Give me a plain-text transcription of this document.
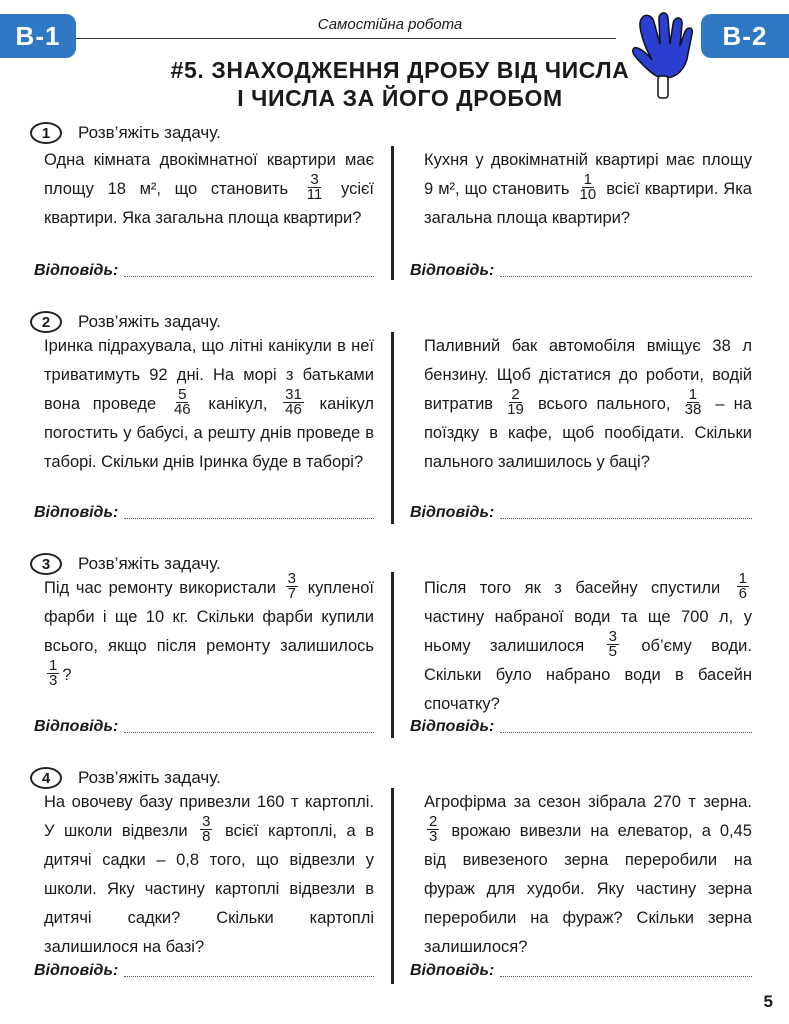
В-1	В-2
Самостійна робота
#5. ЗНАХОДЖЕННЯ ДРОБУ ВІД ЧИСЛА
І ЧИСЛА ЗА ЙОГО ДРОБОМ
1	Розв’яжіть задачу.
Одна кімната двокімнатної квартири має площу 18 м², що становить $\frac{3}{11}$ усієї квартири. Яка загальна площа квартири?
Кухня у двокімнатній квартирі має площу 9 м², що становить $\frac{1}{10}$ всієї квартири. Яка загальна площа квартири?
Відповідь:	Відповідь:
2	Розв’яжіть задачу.
Іринка підрахувала, що літні канікули в неї триватимуть 92 дні. На морі з батьками вона проведе $\frac{5}{46}$ канікул, $\frac{31}{46}$ канікул погостить у бабусі, а решту днів проведе в таборі. Скільки днів Іринка буде в таборі?
Паливний бак автомобіля вміщує 38 л бензину. Щоб дістатися до роботи, водій витратив $\frac{2}{19}$ всього пального, $\frac{1}{38}$ – на поїздку в кафе, щоб пообідати. Скільки пального залишилось у баці?
Відповідь:	Відповідь:
3	Розв’яжіть задачу.
Під час ремонту використали $\frac{3}{7}$ купленої фарби і ще 10 кг. Скільки фарби купили всього, якщо після ремонту залишилось
$\frac{1}{3}$ ?
Після того як з басейну спустили $\frac{1}{6}$
частину набраної води та ще 700 л, у ньому залишилося $\frac{3}{5}$ об’єму води. Скільки було набрано води в басейн спочатку?
Відповідь:	Відповідь:
4	Розв’яжіть задачу.
На овочеву базу привезли 160 т картоплі. У школи відвезли $\frac{3}{8}$ всієї картоплі, а в дитячі садки – 0,8 того, що відвезли у школи. Яку частину картоплі відвезли в дитячі садки? Скільки картоплі залишилося на базі?
Агрофірма за сезон зібрала 270 т зерна.
$\frac{2}{3}$ врожаю вивезли на елеватор, а 0,45 від вивезеного зерна переробили на фураж для худоби. Яку частину зерна переробили на фураж? Скільки зерна залишилося?
Відповідь:	Відповідь:
5
